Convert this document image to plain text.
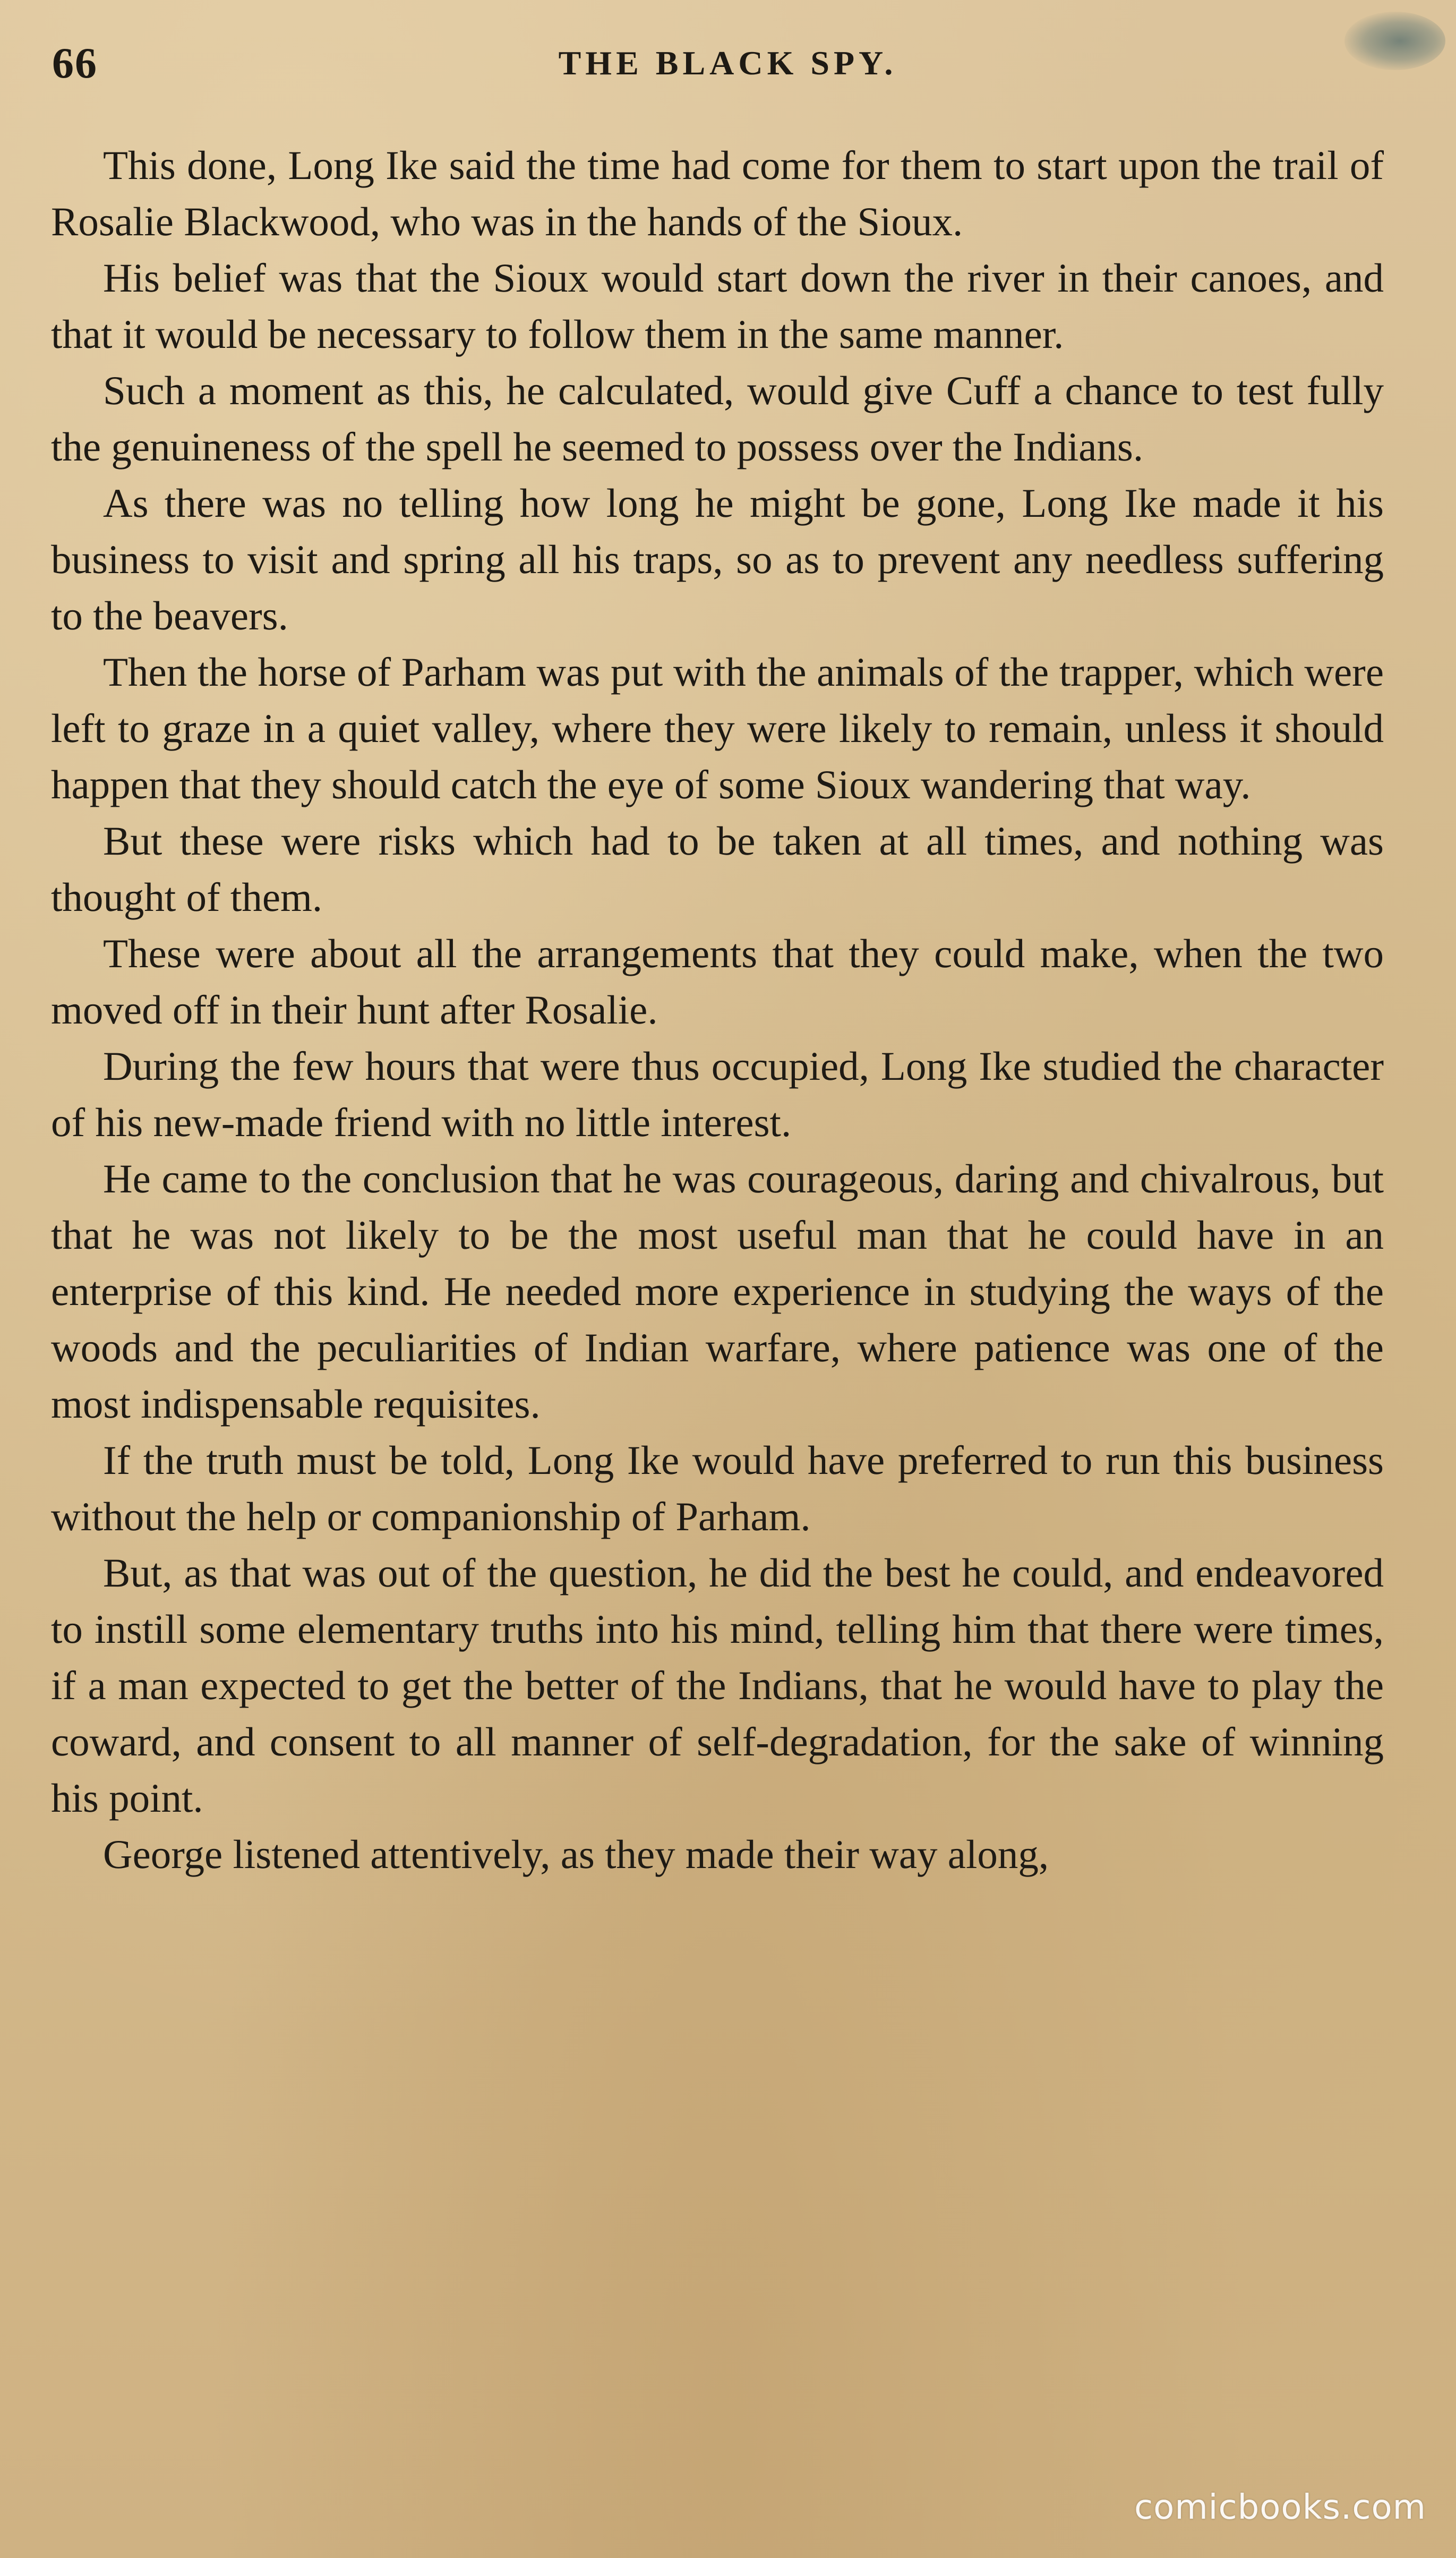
66	THE BLACK SPY.

This done, Long Ike said the time had come for them to start upon the trail of Rosalie Blackwood, who was in the hands of the Sioux.

His belief was that the Sioux would start down the river in their canoes, and that it would be necessary to follow them in the same manner.

Such a moment as this, he calculated, would give Cuff a chance to test fully the genuineness of the spell he seemed to possess over the Indians.

As there was no telling how long he might be gone, Long Ike made it his business to visit and spring all his traps, so as to prevent any needless suffering to the beavers.

Then the horse of Parham was put with the animals of the trapper, which were left to graze in a quiet valley, where they were likely to remain, unless it should happen that they should catch the eye of some Sioux wandering that way.

But these were risks which had to be taken at all times, and nothing was thought of them.

These were about all the arrangements that they could make, when the two moved off in their hunt after Rosalie.

During the few hours that were thus occupied, Long Ike studied the character of his new-made friend with no little interest.

He came to the conclusion that he was courageous, daring and chivalrous, but that he was not likely to be the most useful man that he could have in an enterprise of this kind. He needed more experience in studying the ways of the woods and the peculiarities of Indian warfare, where patience was one of the most indispensable requisites.

If the truth must be told, Long Ike would have preferred to run this business without the help or companionship of Parham.

But, as that was out of the question, he did the best he could, and endeavored to instill some elementary truths into his mind, telling him that there were times, if a man expected to get the better of the Indians, that he would have to play the coward, and consent to all manner of self-degradation, for the sake of winning his point.

George listened attentively, as they made their way along,

comicbooks.com
